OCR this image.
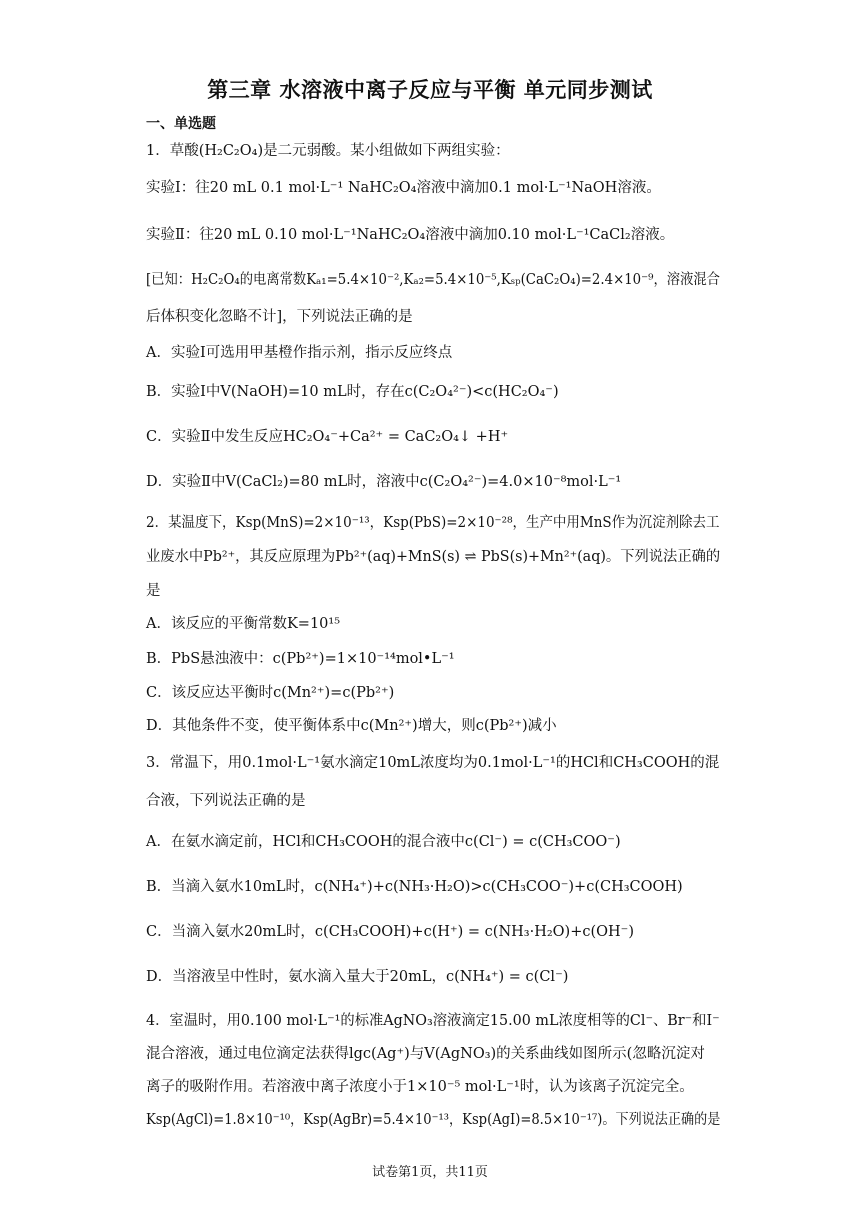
第三章 水溶液中离子反应与平衡 单元同步测试
一、单选题
1．草酸(H₂C₂O₄)是二元弱酸。某小组做如下两组实验：
实验Ⅰ：往20 mL 0.1 mol·L⁻¹ NaHC₂O₄溶液中滴加0.1 mol·L⁻¹NaOH溶液。
实验Ⅱ：往20 mL 0.10 mol·L⁻¹NaHC₂O₄溶液中滴加0.10 mol·L⁻¹CaCl₂溶液。
[已知：H₂C₂O₄的电离常数Kₐ₁=5.4×10⁻²,Kₐ₂=5.4×10⁻⁵,Kₛₚ(CaC₂O₄)=2.4×10⁻⁹，溶液混合
后体积变化忽略不计]，下列说法正确的是
A．实验Ⅰ可选用甲基橙作指示剂，指示反应终点
B．实验Ⅰ中V(NaOH)=10 mL时，存在c(C₂O₄²⁻)<c(HC₂O₄⁻)
C．实验Ⅱ中发生反应HC₂O₄⁻+Ca²⁺ = CaC₂O₄↓ +H⁺
D．实验Ⅱ中V(CaCl₂)=80 mL时，溶液中c(C₂O₄²⁻)=4.0×10⁻⁸mol·L⁻¹
2．某温度下，Ksp(MnS)=2×10⁻¹³，Ksp(PbS)=2×10⁻²⁸，生产中用MnS作为沉淀剂除去工
业废水中Pb²⁺，其反应原理为Pb²⁺(aq)+MnS(s) ⇌ PbS(s)+Mn²⁺(aq)。下列说法正确的
是
A．该反应的平衡常数K=10¹⁵
B．PbS悬浊液中：c(Pb²⁺)=1×10⁻¹⁴mol•L⁻¹
C．该反应达平衡时c(Mn²⁺)=c(Pb²⁺)
D．其他条件不变，使平衡体系中c(Mn²⁺)增大，则c(Pb²⁺)减小
3．常温下，用0.1mol·L⁻¹氨水滴定10mL浓度均为0.1mol·L⁻¹的HCl和CH₃COOH的混
合液，下列说法正确的是
A．在氨水滴定前，HCl和CH₃COOH的混合液中c(Cl⁻) = c(CH₃COO⁻)
B．当滴入氨水10mL时，c(NH₄⁺)+c(NH₃·H₂O)>c(CH₃COO⁻)+c(CH₃COOH)
C．当滴入氨水20mL时，c(CH₃COOH)+c(H⁺) = c(NH₃·H₂O)+c(OH⁻)
D．当溶液呈中性时，氨水滴入量大于20mL，c(NH₄⁺) = c(Cl⁻)
4．室温时，用0.100 mol·L⁻¹的标准AgNO₃溶液滴定15.00 mL浓度相等的Cl⁻、Br⁻和I⁻
混合溶液，通过电位滴定法获得lgc(Ag⁺)与V(AgNO₃)的关系曲线如图所示(忽略沉淀对
离子的吸附作用。若溶液中离子浓度小于1×10⁻⁵ mol·L⁻¹时，认为该离子沉淀完全。
Ksp(AgCl)=1.8×10⁻¹⁰，Ksp(AgBr)=5.4×10⁻¹³，Ksp(AgI)=8.5×10⁻¹⁷)。下列说法正确的是
试卷第1页，共11页
